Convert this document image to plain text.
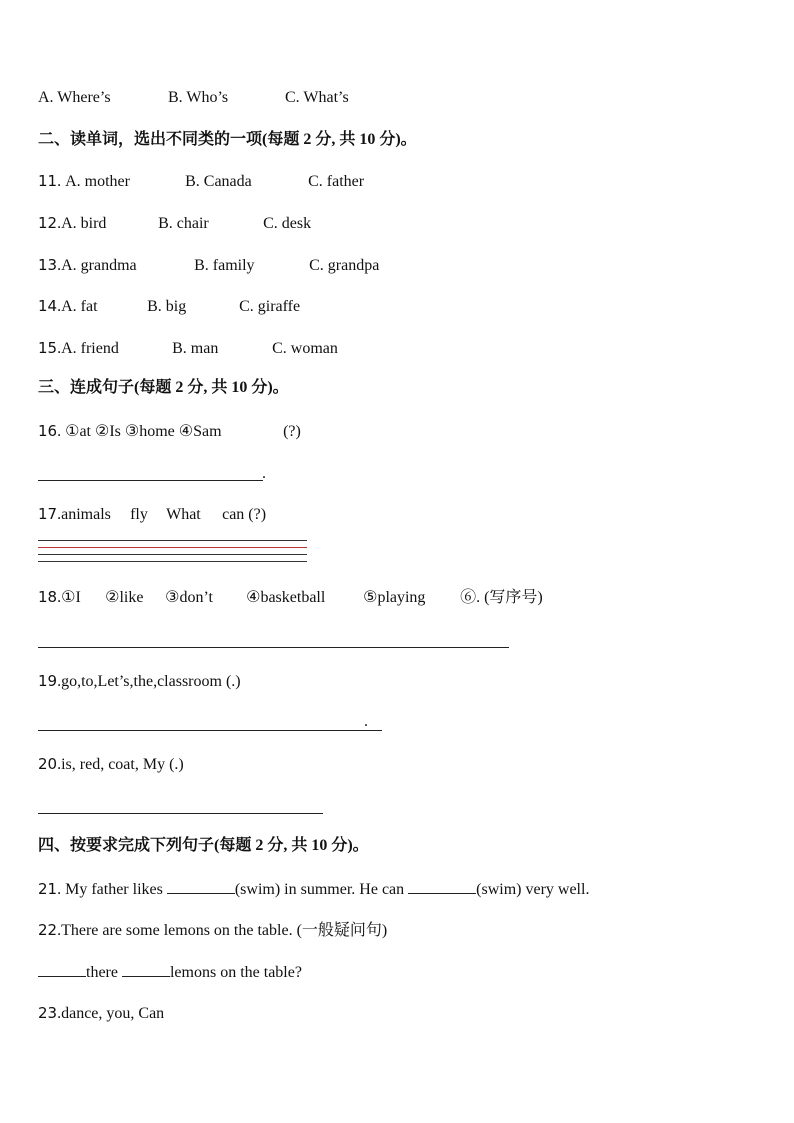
A. Where’s	B. Who’s	C. What’s
二、读单词，选出不同类的一项(每题 2 分, 共 10 分)。
11. A. mother	B. Canada	C. father
12.A. bird	B. chair	C. desk
13.A. grandma	B. family	C. grandpa
14.A. fat	B. big	C. giraffe
15.A. friend	B. man	C. woman
三、连成句子(每题 2 分, 共 10 分)。
16. ①at ②Is ③home ④Sam	(?)
.
17.animals fly What can (?)
18.①I ②like ③don’t ④basketball ⑤playing ⑥. (写序号)
19.go,to,Let’s,the,classroom (.)
.
20.is, red, coat, My (.)
四、按要求完成下列句子(每题 2 分, 共 10 分)。
21. My father likes	(swim) in summer. He can	(swim) very well.
22.There are some lemons on the table. (一般疑问句)
there	lemons on the table?
23.dance, you, Can
